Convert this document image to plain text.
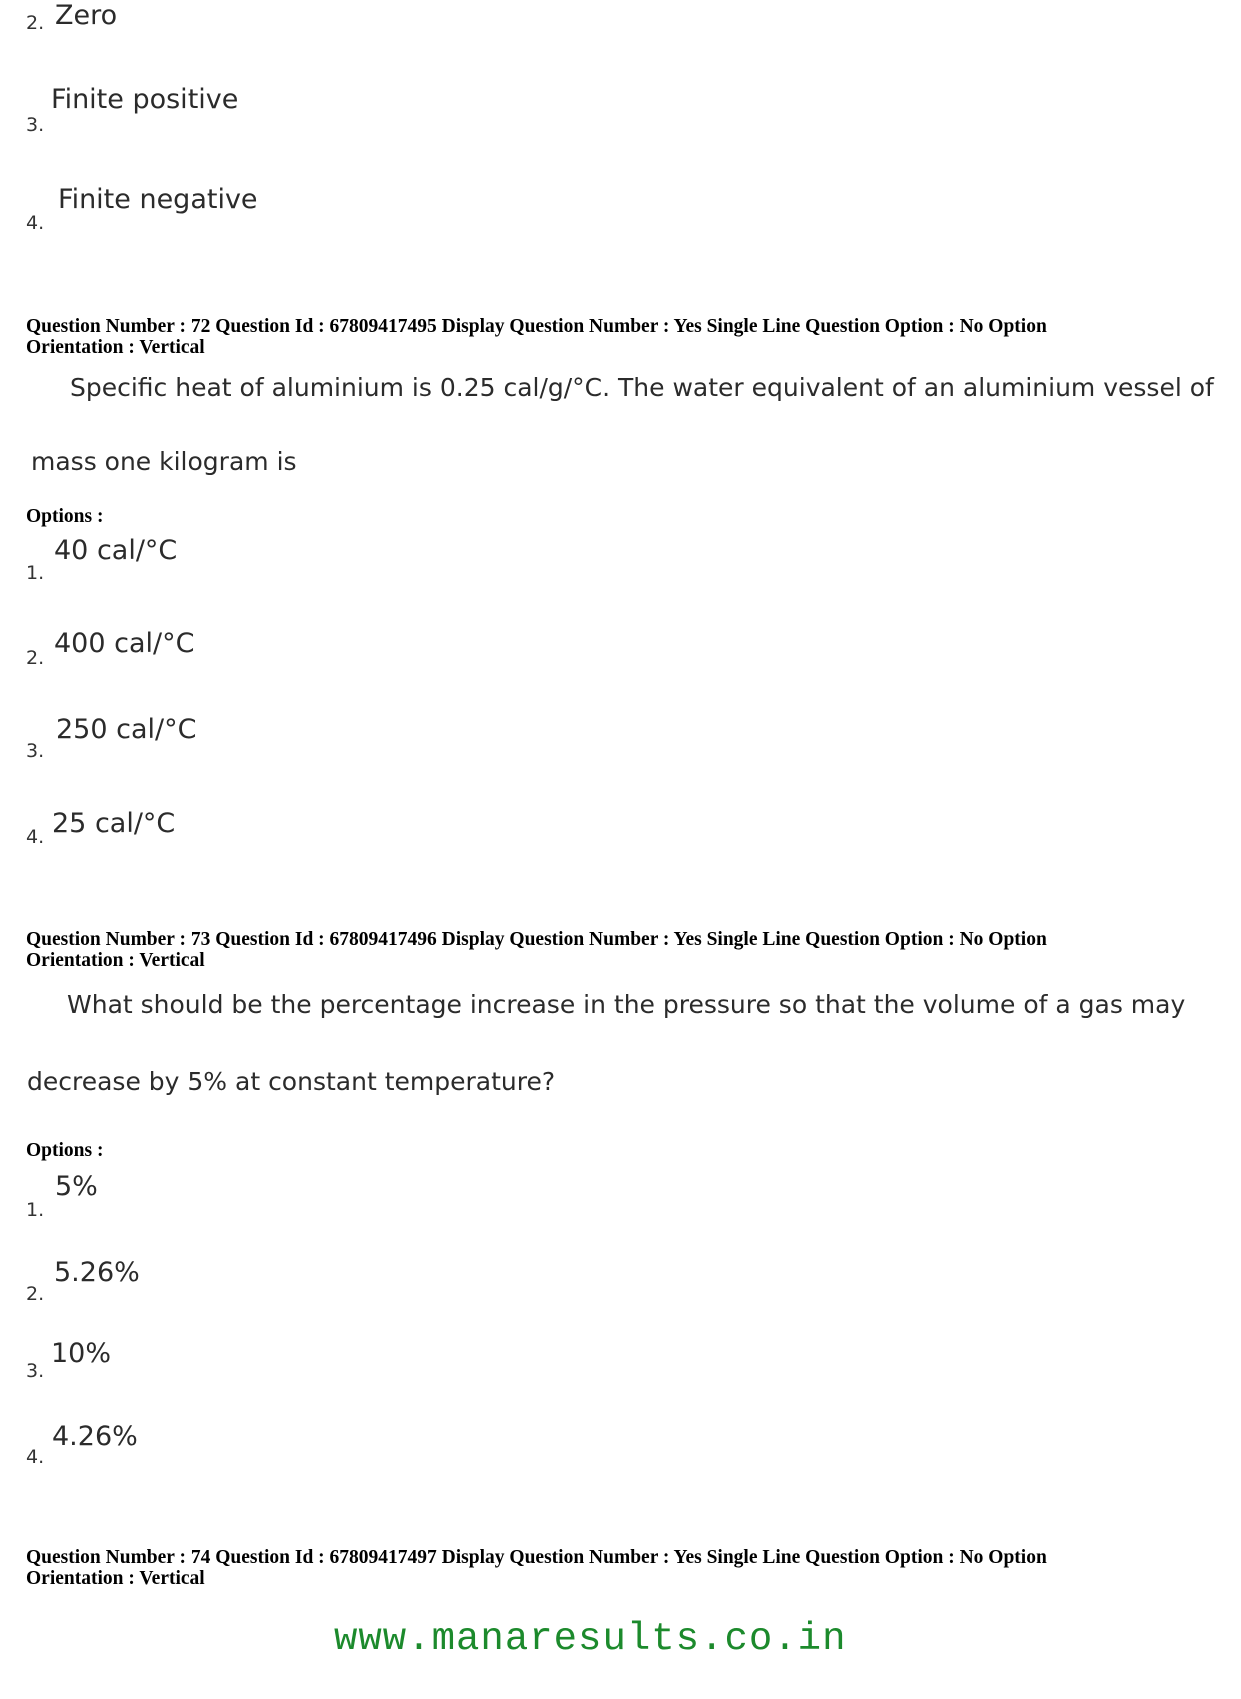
2. Zero
3.
Finite positive
4.
Finite negative
Question Number : 72 Question Id : 67809417495 Display Question Number : Yes Single Line Question Option : No Option
Orientation : Vertical
Specific heat of aluminium is 0.25 cal/g/°C. The water equivalent of an aluminium vessel of
mass one kilogram is
Options :
1.
40 cal/°C
2. 400 cal/°C
3.
250 cal/°C
4. 25 cal/°C
Question Number : 73 Question Id : 67809417496 Display Question Number : Yes Single Line Question Option : No Option
Orientation : Vertical
What should be the percentage increase in the pressure so that the volume of a gas may
decrease by 5% at constant temperature?
Options :
1.
5%
2.
5.26%
3.
10%
4.
4.26%
Question Number : 74 Question Id : 67809417497 Display Question Number : Yes Single Line Question Option : No Option
Orientation : Vertical
www.manaresults.co.in
